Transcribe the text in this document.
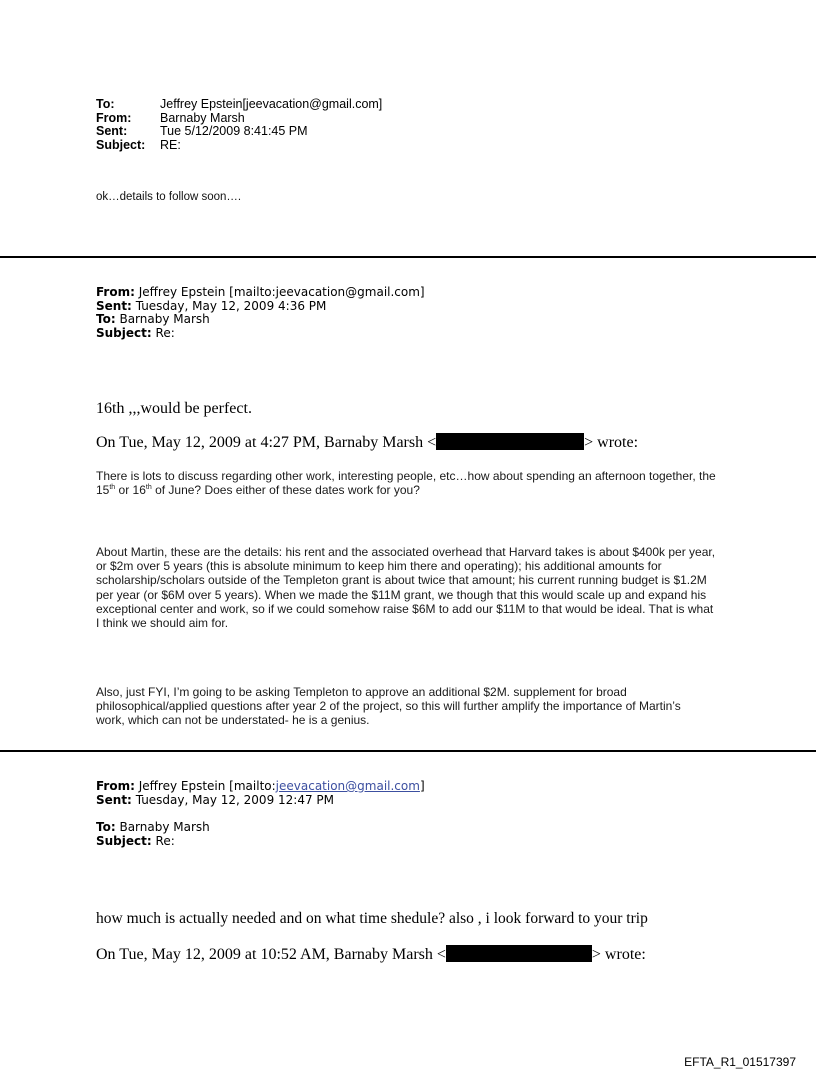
To:	Jeffrey Epstein[jeevacation@gmail.com]
From:	Barnaby Marsh
Sent:	Tue 5/12/2009 8:41:45 PM
Subject:	RE:
ok…details to follow soon….
From: Jeffrey Epstein [mailto:jeevacation@gmail.com]
Sent: Tuesday, May 12, 2009 4:36 PM
To: Barnaby Marsh
Subject: Re:
16th ,,,would be perfect.
On Tue, May 12, 2009 at 4:27 PM, Barnaby Marsh <	> wrote:
There is lots to discuss regarding other work, interesting people, etc…how about spending an afternoon together, the 15th or 16th of June? Does either of these dates work for you?
About Martin, these are the details: his rent and the associated overhead that Harvard takes is about $400k per year, or $2m over 5 years (this is absolute minimum to keep him there and operating); his additional amounts for scholarship/scholars outside of the Templeton grant is about twice that amount; his current running budget is $1.2M per year (or $6M over 5 years). When we made the $11M grant, we though that this would scale up and expand his exceptional center and work, so if we could somehow raise $6M to add our $11M to that would be ideal. That is what I think we should aim for.
Also, just FYI, I’m going to be asking Templeton to approve an additional $2M. supplement for broad philosophical/applied questions after year 2 of the project, so this will further amplify the importance of Martin’s work, which can not be understated- he is a genius.
From: Jeffrey Epstein [mailto:jeevacation@gmail.com]
Sent: Tuesday, May 12, 2009 12:47 PM
To: Barnaby Marsh
Subject: Re:
how much is actually needed and on what time shedule? also , i look forward to your trip
On Tue, May 12, 2009 at 10:52 AM, Barnaby Marsh <	> wrote:
EFTA_R1_01517397
